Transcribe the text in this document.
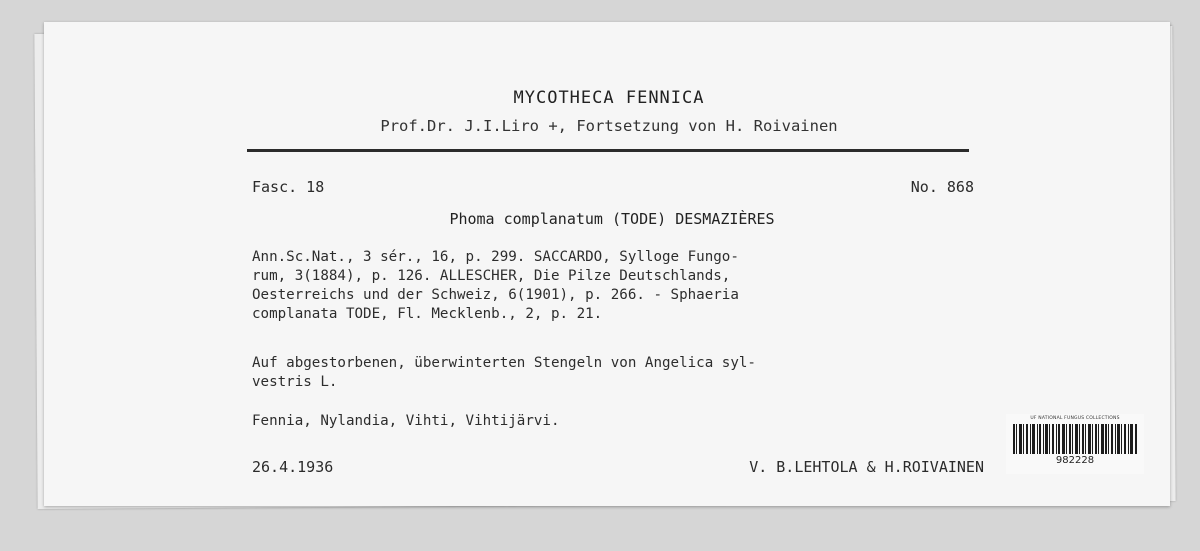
MYCOTHECA FENNICA
Prof.Dr. J.I.Liro +, Fortsetzung von H. Roivainen
Fasc. 18	No. 868
Phoma complanatum (TODE) DESMAZIÈRES
Ann.Sc.Nat., 3 sér., 16, p. 299. SACCARDO, Sylloge Fungo-
rum, 3(1884), p. 126. ALLESCHER, Die Pilze Deutschlands,
Oesterreichs und der Schweiz, 6(1901), p. 266. - Sphaeria
complanata TODE, Fl. Mecklenb., 2, p. 21.
Auf abgestorbenen, überwinterten Stengeln von Angelica syl-
vestris L.
Fennia, Nylandia, Vihti, Vihtijärvi.
26.4.1936	V. B.LEHTOLA & H.ROIVAINEN
UF NATIONAL FUNGUS COLLECTIONS
982228
